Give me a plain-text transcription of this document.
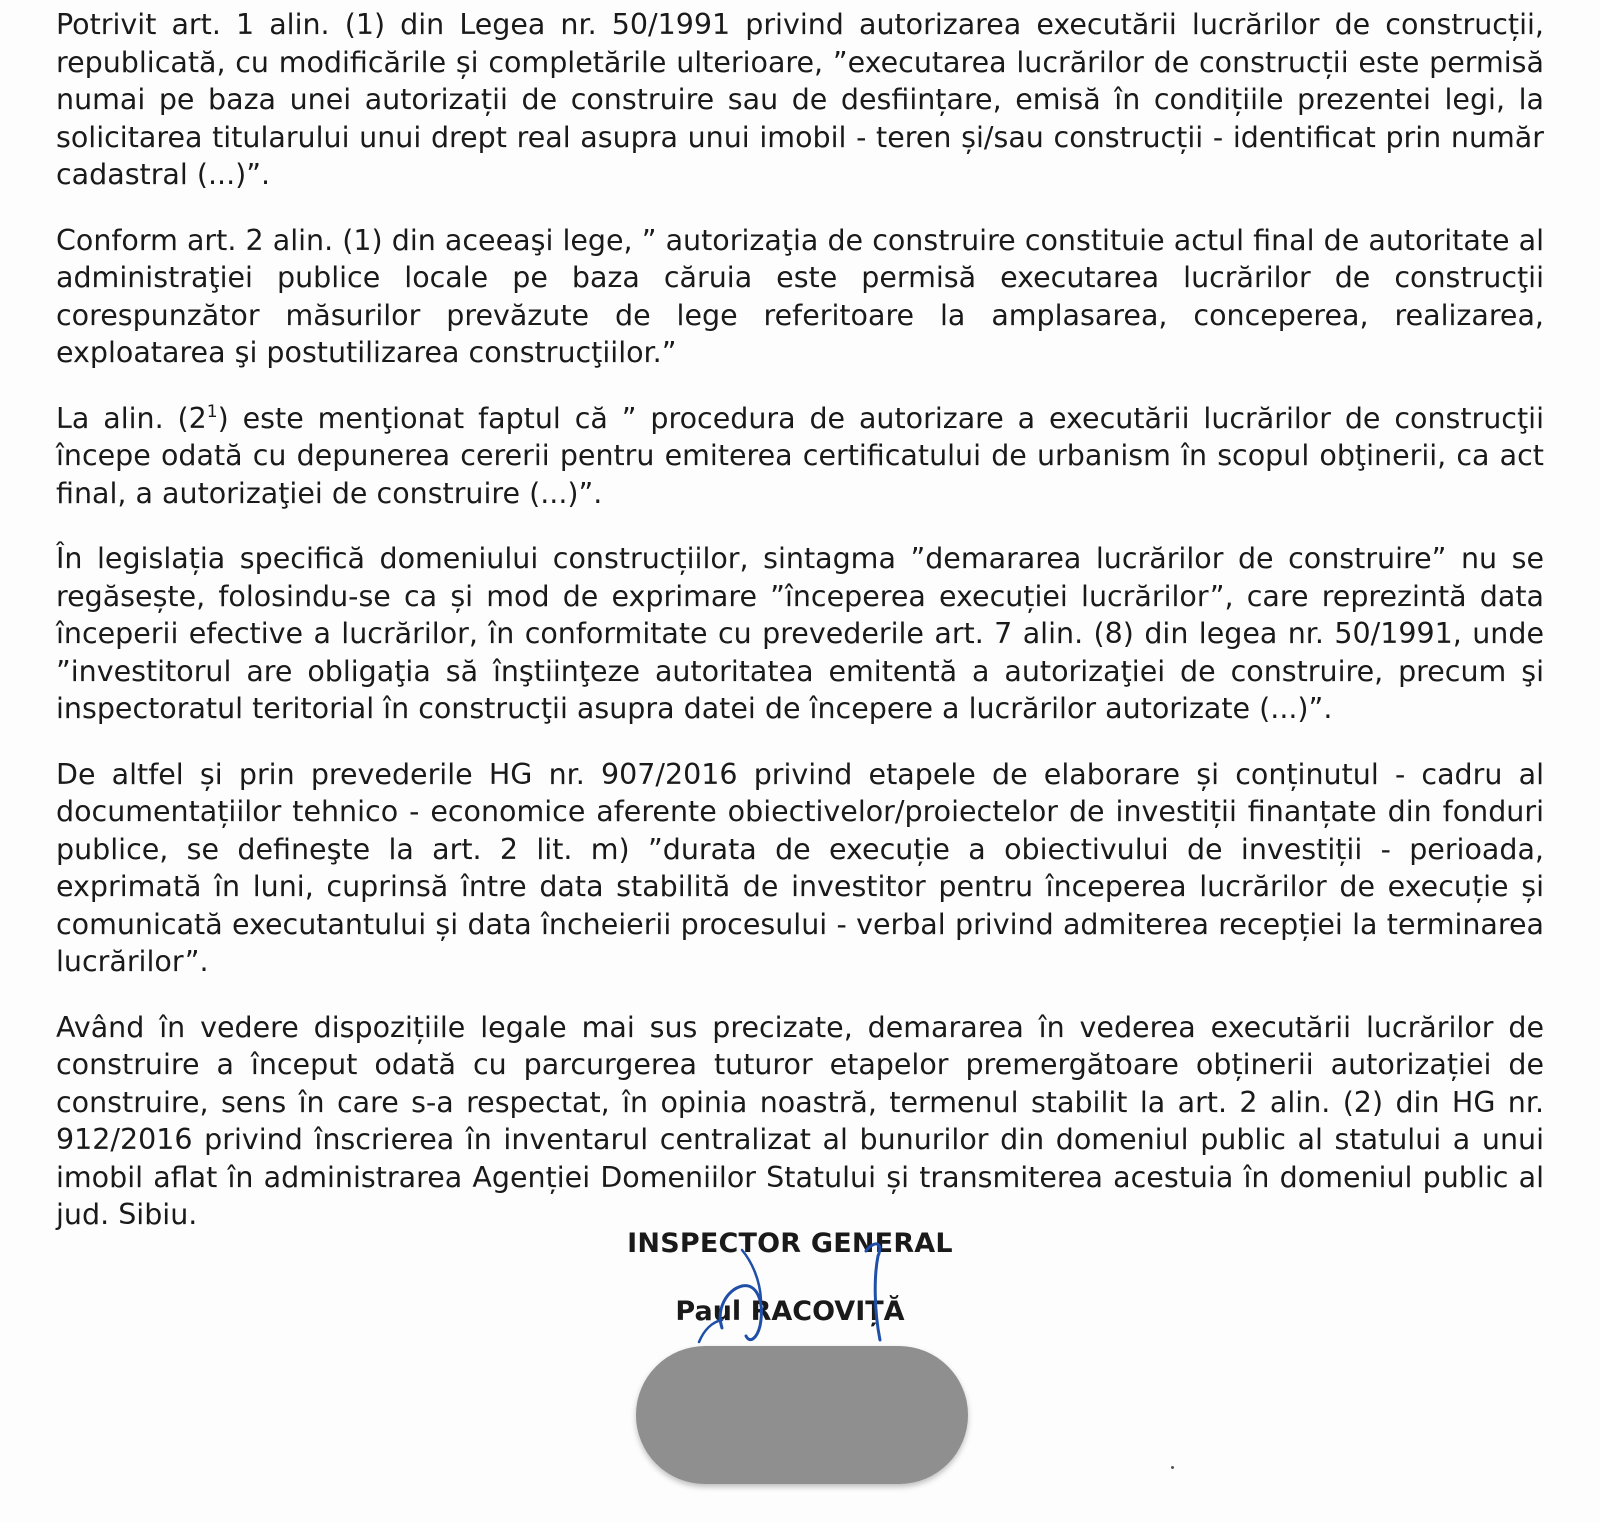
Potrivit art. 1 alin. (1) din Legea nr. 50/1991 privind autorizarea executării lucrărilor de construcții, republicată, cu modificările și completările ulterioare, ”executarea lucrărilor de construcții este permisă numai pe baza unei autorizații de construire sau de desființare, emisă în condițiile prezentei legi, la solicitarea titularului unui drept real asupra unui imobil - teren și/sau construcții - identificat prin număr cadastral (...)”.

Conform art. 2 alin. (1) din aceeaşi lege, ” autorizaţia de construire constituie actul final de autoritate al administraţiei publice locale pe baza căruia este permisă executarea lucrărilor de construcţii corespunzător măsurilor prevăzute de lege referitoare la amplasarea, conceperea, realizarea, exploatarea şi postutilizarea construcţiilor.”

La alin. $(2^1)$ este menţionat faptul că ” procedura de autorizare a executării lucrărilor de construcţii începe odată cu depunerea cererii pentru emiterea certificatului de urbanism în scopul obţinerii, ca act final, a autorizaţiei de construire (...)”.

În legislația specifică domeniului construcțiilor, sintagma ”demararea lucrărilor de construire” nu se regăsește, folosindu-se ca și mod de exprimare ”începerea execuției lucrărilor”, care reprezintă data începerii efective a lucrărilor, în conformitate cu prevederile art. 7 alin. (8) din legea nr. 50/1991, unde ”investitorul are obligaţia să înştiinţeze autoritatea emitentă a autorizaţiei de construire, precum şi inspectoratul teritorial în construcţii asupra datei de începere a lucrărilor autorizate (...)”.

De altfel și prin prevederile HG nr. 907/2016 privind etapele de elaborare și conținutul - cadru al documentațiilor tehnico - economice aferente obiectivelor/proiectelor de investiții finanțate din fonduri publice, se defineşte la art. 2 lit. m) ”durata de execuție a obiectivului de investiții - perioada, exprimată în luni, cuprinsă între data stabilită de investitor pentru începerea lucrărilor de execuție și comunicată executantului și data încheierii procesului - verbal privind admiterea recepției la terminarea lucrărilor”.

Având în vedere dispozițiile legale mai sus precizate, demararea în vederea executării lucrărilor de construire a început odată cu parcurgerea tuturor etapelor premergătoare obținerii autorizației de construire, sens în care s-a respectat, în opinia noastră, termenul stabilit la art. 2 alin. (2) din HG nr. 912/2016 privind înscrierea în inventarul centralizat al bunurilor din domeniul public al statului a unui imobil aflat în administrarea Agenției Domeniilor Statului și transmiterea acestuia în domeniul public al jud. Sibiu.

INSPECTOR GENERAL
Paul RACOVIȚĂ
